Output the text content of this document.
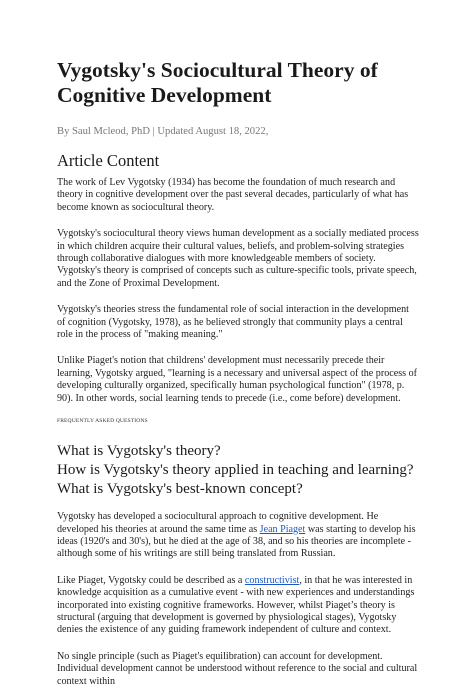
Vygotsky's Sociocultural Theory of Cognitive Development
By Saul Mcleod, PhD | Updated August 18, 2022,
Article Content

The work of Lev Vygotsky (1934) has become the foundation of much research and theory in cognitive development over the past several decades, particularly of what has become known as sociocultural theory.

Vygotsky's sociocultural theory views human development as a socially mediated process in which children acquire their cultural values, beliefs, and problem-solving strategies through collaborative dialogues with more knowledgeable members of society. Vygotsky's theory is comprised of concepts such as culture-specific tools, private speech, and the Zone of Proximal Development.

Vygotsky's theories stress the fundamental role of social interaction in the development of cognition (Vygotsky, 1978), as he believed strongly that community plays a central role in the process of "making meaning."

Unlike Piaget's notion that childrens' development must necessarily precede their learning, Vygotsky argued, "learning is a necessary and universal aspect of the process of developing culturally organized, specifically human psychological function" (1978, p. 90). In other words, social learning tends to precede (i.e., come before) development.

FREQUENTLY ASKED QUESTIONS
What is Vygotsky's theory?
How is Vygotsky's theory applied in teaching and learning?
What is Vygotsky's best-known concept?

Vygotsky has developed a sociocultural approach to cognitive development. He developed his theories at around the same time as Jean Piaget was starting to develop his ideas (1920's and 30's), but he died at the age of 38, and so his theories are incomplete - although some of his writings are still being translated from Russian.

Like Piaget, Vygotsky could be described as a constructivist, in that he was interested in knowledge acquisition as a cumulative event - with new experiences and understandings incorporated into existing cognitive frameworks. However, whilst Piaget’s theory is structural (arguing that development is governed by physiological stages), Vygotsky denies the existence of any guiding framework independent of culture and context.

No single principle (such as Piaget's equilibration) can account for development. Individual development cannot be understood without reference to the social and cultural context within
